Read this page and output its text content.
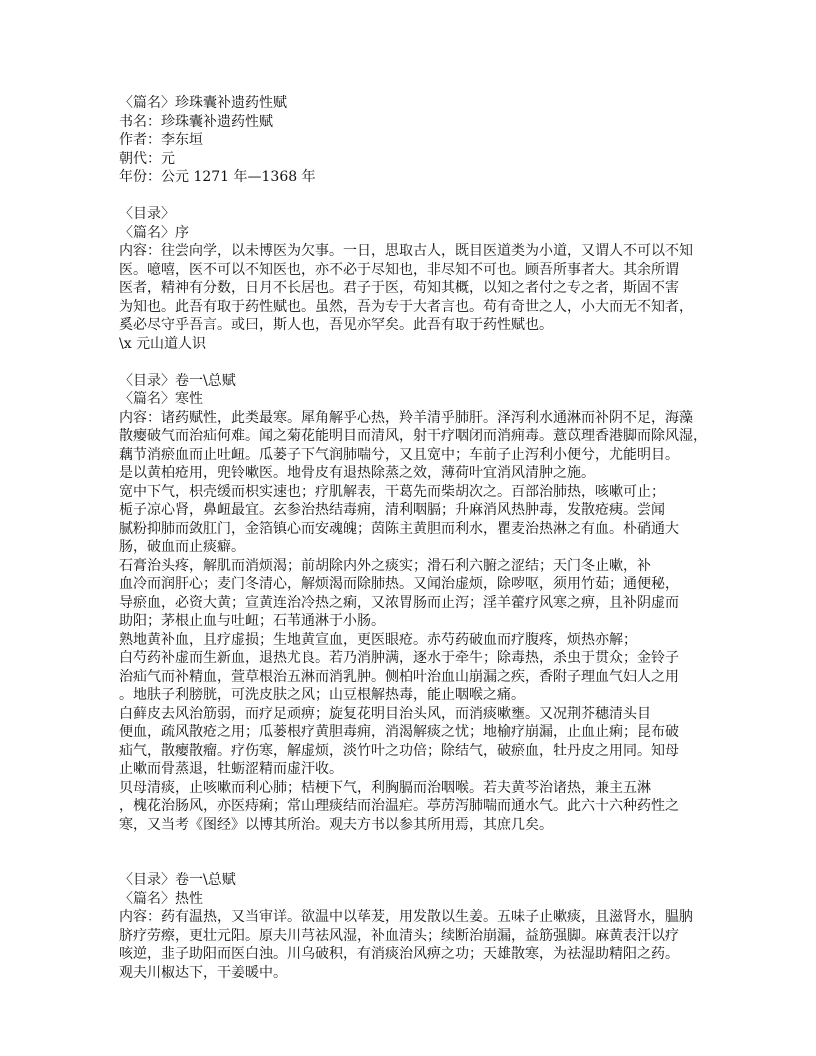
〈篇名〉珍珠囊补遗药性赋
书名：珍珠囊补遗药性赋
作者：李东垣
朝代：元
年份：公元 1271 年—1368 年
〈目录〉
〈篇名〉序
内容：往尝向学，以未博医为欠事。一日，思取古人，既目医道类为小道，又谓人不可以不知
医。噫嘻，医不可以不知医也，亦不必于尽知也，非尽知不可也。顾吾所事者大。其余所谓
医者，精神有分数，日月不长居也。君子于医，苟知其概，以知之者付之专之者，斯固不害
为知也。此吾有取于药性赋也。虽然，吾为专于大者言也。苟有奇世之人，小大而无不知者，
奚必尽守乎吾言。或曰，斯人也，吾见亦罕矣。此吾有取于药性赋也。
\x 元山道人识
〈目录〉卷一\总赋
〈篇名〉寒性
内容：诸药赋性，此类最寒。犀角解乎心热，羚羊清乎肺肝。泽泻利水通淋而补阴不足，海藻
散瘿破气而治疝何难。闻之菊花能明目而清风，射干疗咽闭而消痈毒。薏苡理香港脚而除风湿，
藕节消瘀血而止吐衄。瓜蒌子下气润肺喘兮，又且宽中；车前子止泻利小便兮，尤能明目。
是以黄柏疮用，兜铃嗽医。地骨皮有退热除蒸之效，薄荷叶宜消风清肿之施。
宽中下气，枳壳缓而枳实速也；疗肌解表，干葛先而柴胡次之。百部治肺热，咳嗽可止；
栀子凉心肾，鼻衄最宜。玄参治热结毒痈，清利咽膈；升麻消风热肿毒，发散疮痍。尝闻
腻粉抑肺而敛肛门，金箔镇心而安魂魄；茵陈主黄胆而利水，瞿麦治热淋之有血。朴硝通大
肠，破血而止痰癖。
石膏治头疼，解肌而消烦渴；前胡除内外之痰实；滑石利六腑之涩结；天门冬止嗽，补
血冷而润肝心；麦门冬清心，解烦渴而除肺热。又闻治虚烦，除哕呕，须用竹茹；通便秘，
导瘀血，必资大黄；宣黄连治冷热之痢，又浓胃肠而止泻；淫羊藿疗风寒之痹，且补阴虚而
助阳；茅根止血与吐衄；石苇通淋于小肠。
熟地黄补血，且疗虚损；生地黄宣血，更医眼疮。赤芍药破血而疗腹疼，烦热亦解；
白芍药补虚而生新血，退热尤良。若乃消肿满，逐水于牵牛；除毒热，杀虫于贯众；金铃子
治疝气而补精血，萱草根治五淋而消乳肿。侧柏叶治血山崩漏之疾，香附子理血气妇人之用
。地肤子利膀胱，可洗皮肤之风；山豆根解热毒，能止咽喉之痛。
白藓皮去风治筋弱，而疗足顽痹；旋复花明目治头风，而消痰嗽壅。又况荆芥穗清头目
便血，疏风散疮之用；瓜蒌根疗黄胆毒痈，消渴解痰之忧；地榆疗崩漏，止血止痢；昆布破
疝气，散瘿散瘤。疗伤寒，解虚烦，淡竹叶之功倍；除结气，破瘀血，牡丹皮之用同。知母
止嗽而骨蒸退，牡蛎涩精而虚汗收。
贝母清痰，止咳嗽而利心肺；桔梗下气，利胸膈而治咽喉。若夫黄芩治诸热，兼主五淋
，槐花治肠风，亦医痔痢；常山理痰结而治温疟。葶苈泻肺喘而通水气。此六十六种药性之
寒，又当考《图经》以博其所治。观夫方书以参其所用焉，其庶几矣。
〈目录〉卷一\总赋
〈篇名〉热性
内容：药有温热，又当审详。欲温中以荜茇，用发散以生姜。五味子止嗽痰，且滋肾水，腽肭
脐疗劳瘵，更壮元阳。原夫川芎祛风湿，补血清头；续断治崩漏，益筋强脚。麻黄表汗以疗
咳逆，韭子助阳而医白浊。川乌破积，有消痰治风痹之功；天雄散寒，为祛湿助精阳之药。
观夫川椒达下，干姜暖中。
